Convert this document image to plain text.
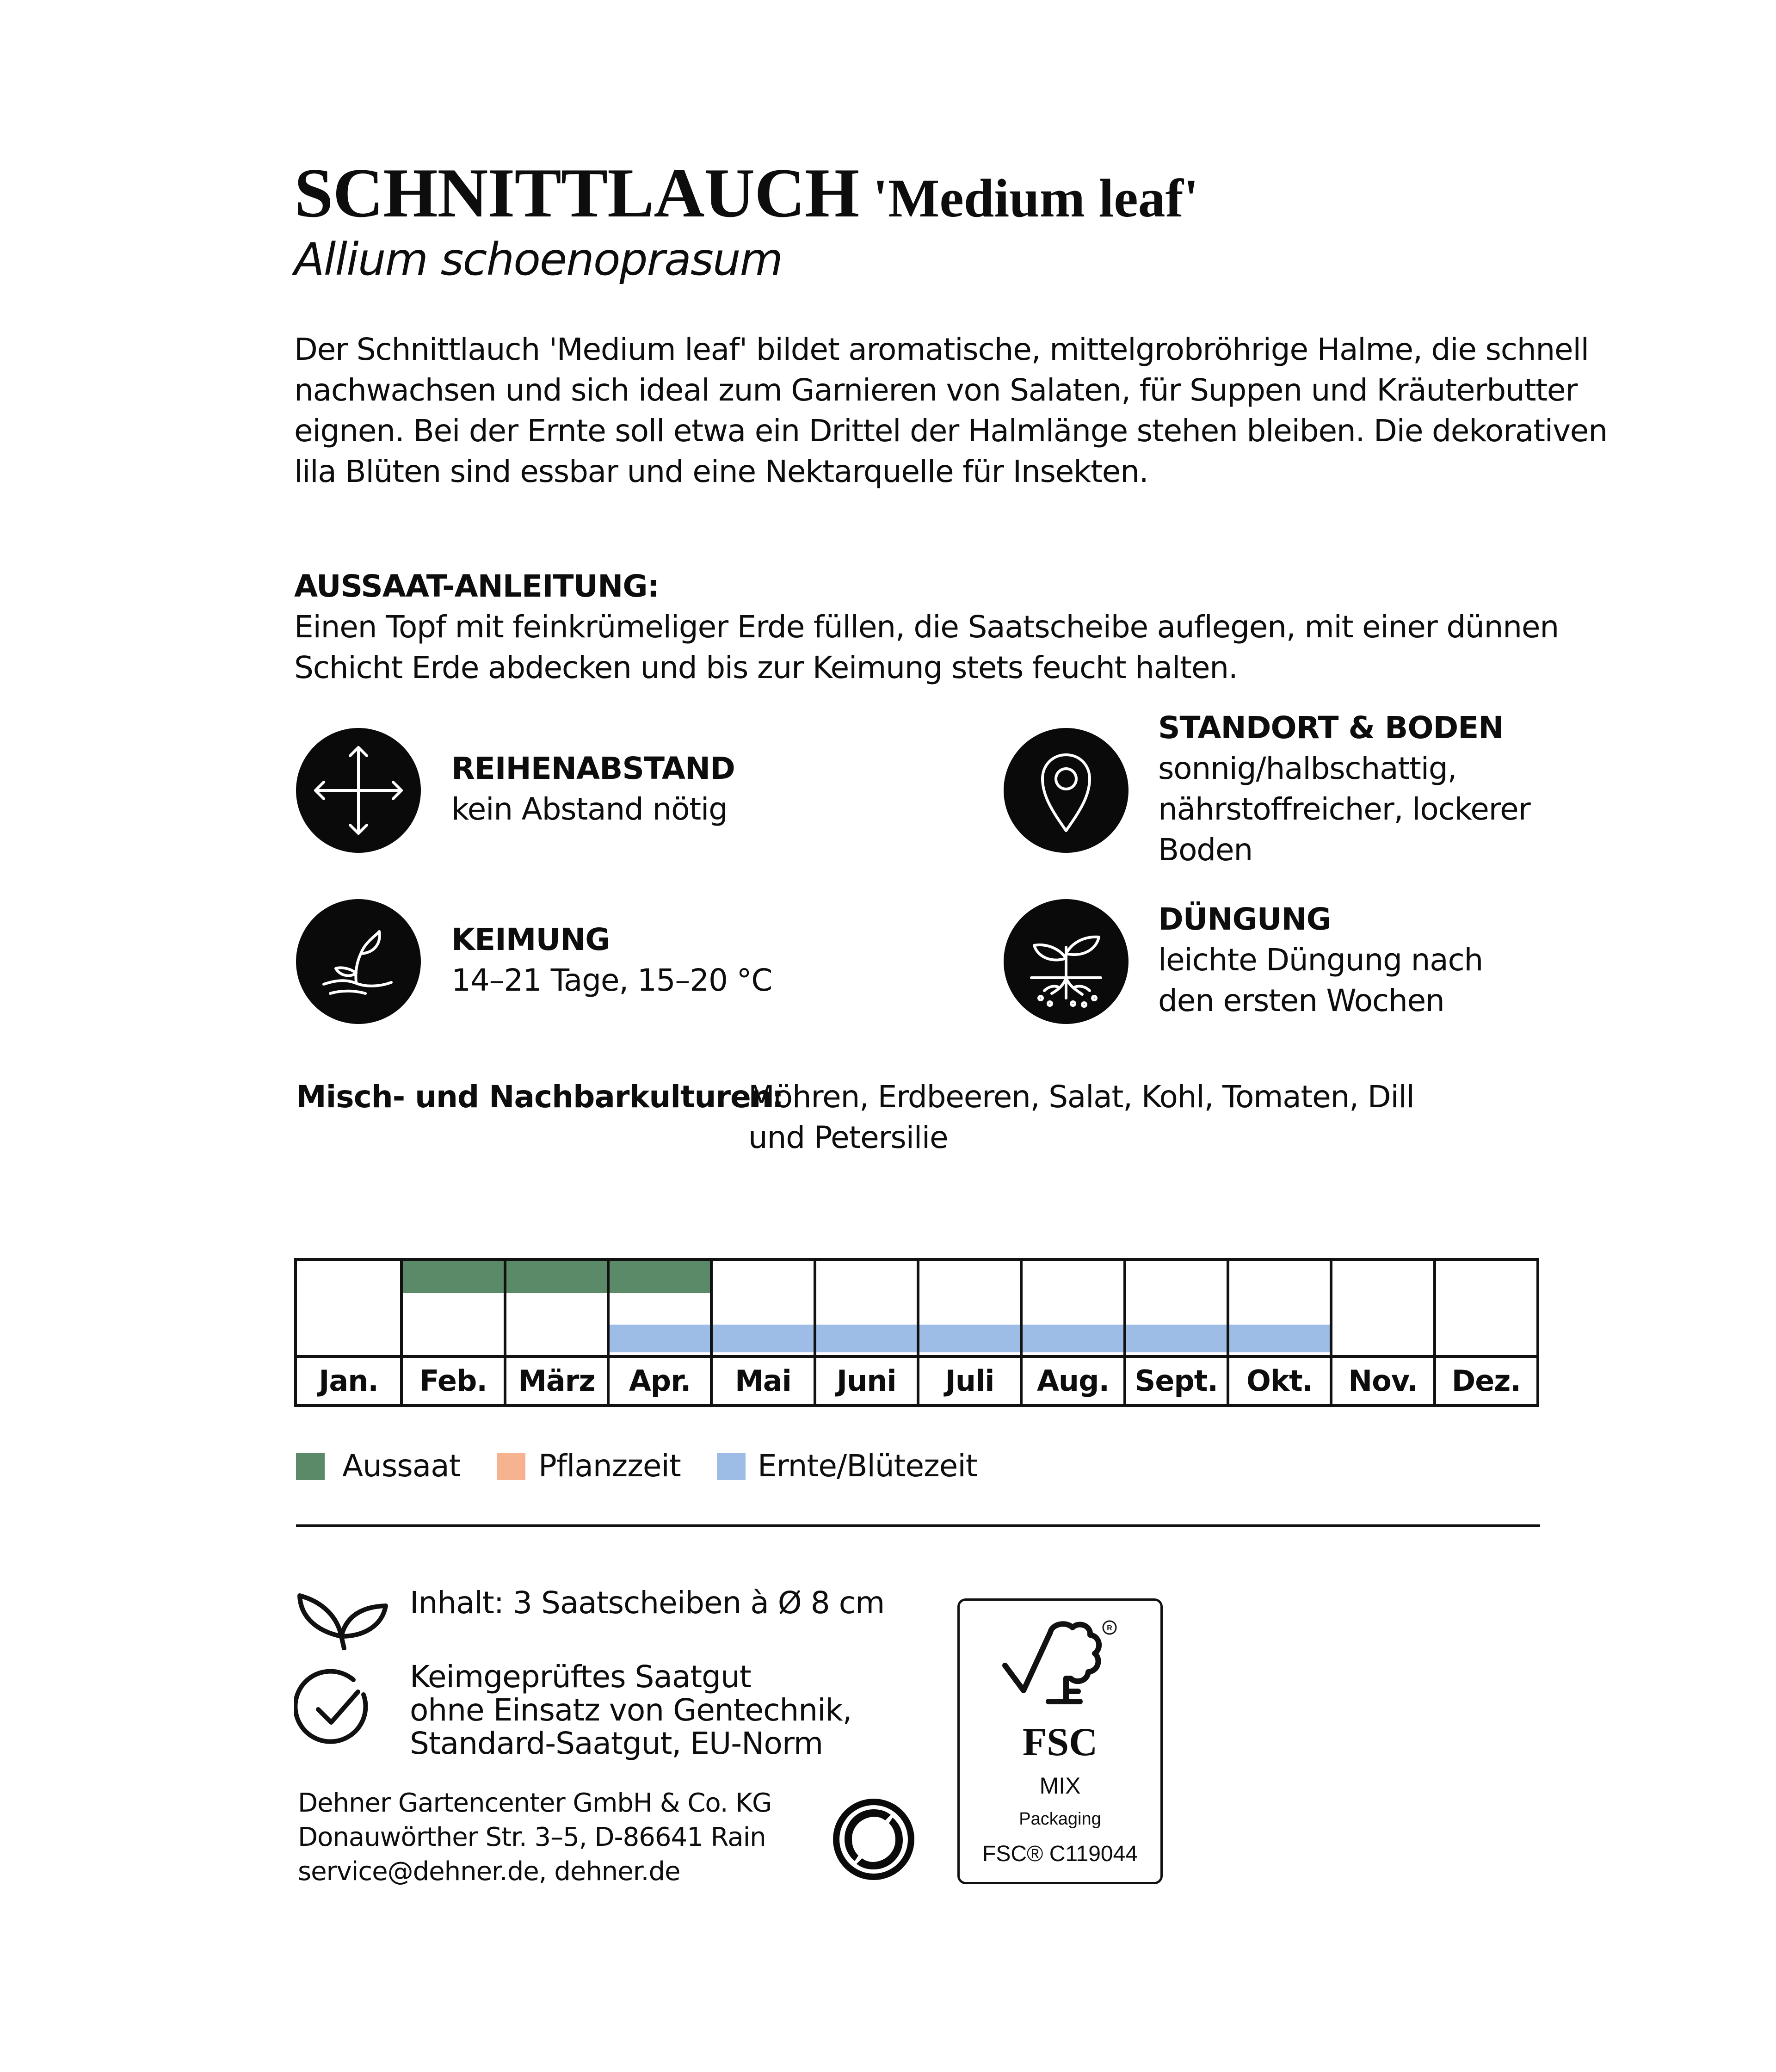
SCHNITTLAUCH 'Medium leaf'
Allium schoenoprasum
Der Schnittlauch 'Medium leaf' bildet aromatische, mittelgrobröhrige Halme, die schnell
nachwachsen und sich ideal zum Garnieren von Salaten, für Suppen und Kräuterbutter
eignen. Bei der Ernte soll etwa ein Drittel der Halmlänge stehen bleiben. Die dekorativen
lila Blüten sind essbar und eine Nektarquelle für Insekten.
AUSSAAT-ANLEITUNG:
Einen Topf mit feinkrümeliger Erde füllen, die Saatscheibe auflegen, mit einer dünnen
Schicht Erde abdecken und bis zur Keimung stets feucht halten.
REIHENABSTAND
kein Abstand nötig
KEIMUNG
14–21 Tage, 15–20 °C
STANDORT & BODEN
sonnig/halbschattig,
nährstoffreicher, lockerer
Boden
DÜNGUNG
leichte Düngung nach
den ersten Wochen
Misch- und Nachbarkulturen:
Möhren, Erdbeeren, Salat, Kohl, Tomaten, Dill
und Petersilie
Jan.	Feb.	März	Apr.	Mai	Juni	Juli	Aug. Sept.	Okt.	Nov.	Dez.
Aussaat	Pflanzzeit	Ernte/Blütezeit
Inhalt: 3 Saatscheiben à Ø 8 cm
Keimgeprüftes Saatgut
ohne Einsatz von Gentechnik,
Standard-Saatgut, EU-Norm
Dehner Gartencenter GmbH & Co. KG
Donauwörther Str. 3–5, D-86641 Rain
service@dehner.de, dehner.de
R
FSC
MIX
Packaging
FSC® C119044
